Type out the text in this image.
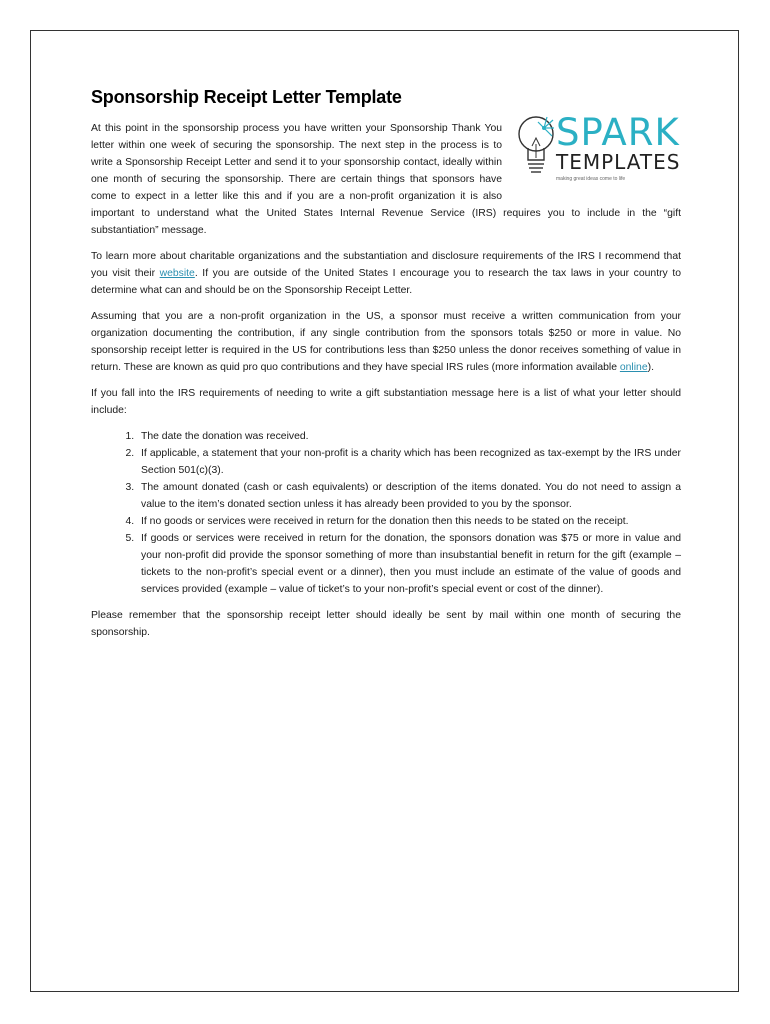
Sponsorship Receipt Letter Template
SPARK
TEMPLATES
making great ideas come to life

At this point in the sponsorship process you have written your Sponsorship Thank You letter within one week of securing the sponsorship. The next step in the process is to write a Sponsorship Receipt Letter and send it to your sponsorship contact, ideally within one month of securing the sponsorship. There are certain things that sponsors have come to expect in a letter like this and if you are a non-profit organization it is also important to understand what the United States Internal Revenue Service (IRS) requires you to include in the “gift substantiation” message.

To learn more about charitable organizations and the substantiation and disclosure requirements of the IRS I recommend that you visit their website. If you are outside of the United States I encourage you to research the tax laws in your country to determine what can and should be on the Sponsorship Receipt Letter.

Assuming that you are a non-profit organization in the US, a sponsor must receive a written communication from your organization documenting the contribution, if any single contribution from the sponsors totals $250 or more in value. No sponsorship receipt letter is required in the US for contributions less than $250 unless the donor receives something of value in return. These are known as quid pro quo contributions and they have special IRS rules (more information available online).

If you fall into the IRS requirements of needing to write a gift substantiation message here is a list of what your letter should include:

1. The date the donation was received.
2. If applicable, a statement that your non-profit is a charity which has been recognized as tax-exempt by the IRS under Section 501(c)(3).
3. The amount donated (cash or cash equivalents) or description of the items donated. You do not need to assign a value to the item’s donated section unless it has already been provided to you by the sponsor.
4. If no goods or services were received in return for the donation then this needs to be stated on the receipt.
5. If goods or services were received in return for the donation, the sponsors donation was $75 or more in value and your non-profit did provide the sponsor something of more than insubstantial benefit in return for the gift (example – tickets to the non-profit’s special event or a dinner), then you must include an estimate of the value of goods and services provided (example – value of ticket’s to your non-profit’s special event or cost of the dinner).

Please remember that the sponsorship receipt letter should ideally be sent by mail within one month of securing the sponsorship.
